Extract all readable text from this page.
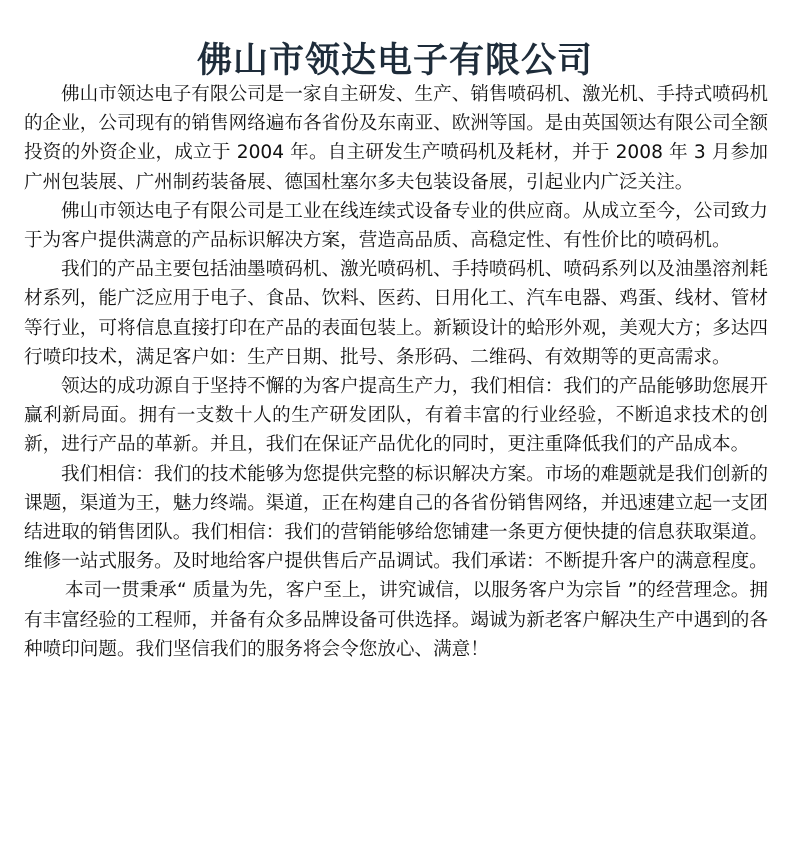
佛山市领达电子有限公司

佛山市领达电子有限公司是一家自主研发、生产、销售喷码机、激光机、手持式喷码机的企业，公司现有的销售网络遍布各省份及东南亚、欧洲等国。是由英国领达有限公司全额投资的外资企业，成立于 2004 年。自主研发生产喷码机及耗材，并于 2008 年 3 月参加广州包装展、广州制药装备展、德国杜塞尔多夫包装设备展，引起业内广泛关注。

佛山市领达电子有限公司是工业在线连续式设备专业的供应商。从成立至今，公司致力于为客户提供满意的产品标识解决方案，营造高品质、高稳定性、有性价比的喷码机。

我们的产品主要包括油墨喷码机、激光喷码机、手持喷码机、喷码系列以及油墨溶剂耗材系列，能广泛应用于电子、食品、饮料、医药、日用化工、汽车电器、鸡蛋、线材、管材等行业，可将信息直接打印在产品的表面包装上。新颖设计的蛤形外观，美观大方；多达四行喷印技术，满足客户如：生产日期、批号、条形码、二维码、有效期等的更高需求。

领达的成功源自于坚持不懈的为客户提高生产力，我们相信：我们的产品能够助您展开赢利新局面。拥有一支数十人的生产研发团队，有着丰富的行业经验，不断追求技术的创新，进行产品的革新。并且，我们在保证产品优化的同时，更注重降低我们的产品成本。

我们相信：我们的技术能够为您提供完整的标识解决方案。市场的难题就是我们创新的课题，渠道为王，魅力终端。渠道，正在构建自己的各省份销售网络，并迅速建立起一支团结进取的销售团队。我们相信：我们的营销能够给您铺建一条更方便快捷的信息获取渠道。维修一站式服务。及时地给客户提供售后产品调试。我们承诺：不断提升客户的满意程度。

本司一贯秉承“ 质量为先，客户至上，讲究诚信，以服务客户为宗旨 ”的经营理念。拥有丰富经验的工程师，并备有众多品牌设备可供选择。竭诚为新老客户解决生产中遇到的各种喷印问题。我们坚信我们的服务将会令您放心、满意！
